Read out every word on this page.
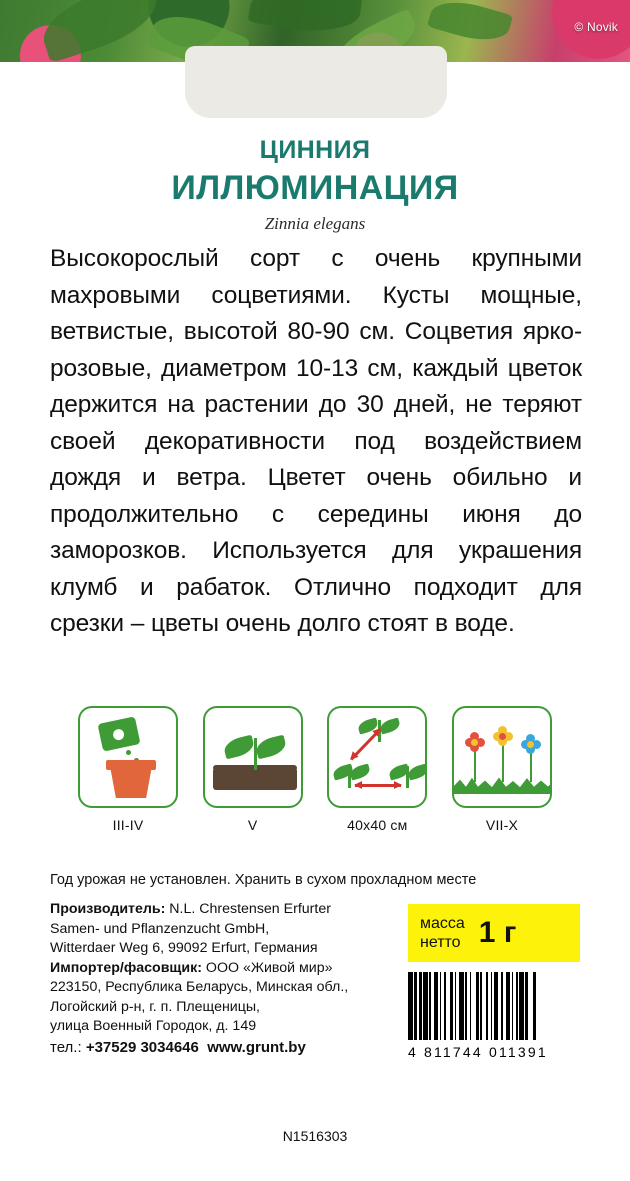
© Novik
ЦИННИЯ
ИЛЛЮМИНАЦИЯ
Zinnia elegans
Высокорослый сорт с очень крупными махровыми соцветиями. Кусты мощные, ветвистые, высотой 80-90 см. Соцветия ярко-розовые, диаметром 10-13 см, каждый цветок держится на растении до 30 дней, не теряют своей декоративности под воздействием дождя и ветра. Цветет очень обильно и продолжительно с середины июня до заморозков. Используется для украшения клумб и рабаток. Отлично подходит для срезки – цветы очень долго стоят в воде.
III-IV	V	40x40 см	VII-X
Год урожая не установлен. Хранить в сухом прохладном месте
Производитель: N.L. Chrestensen Erfurter
Samen- und Pflanzenzucht GmbH,
Witterdaer Weg 6, 99092 Erfurt, Германия
Импортер/фасовщик: ООО «Живой мир»
223150, Республика Беларусь, Минская обл.,
Логойский р-н, г. п. Плещеницы,
улица Военный Городок, д. 149
тел.: +37529 3034646 www.grunt.by
масса
нетто 1 г
4 811744 011391
N1516303
